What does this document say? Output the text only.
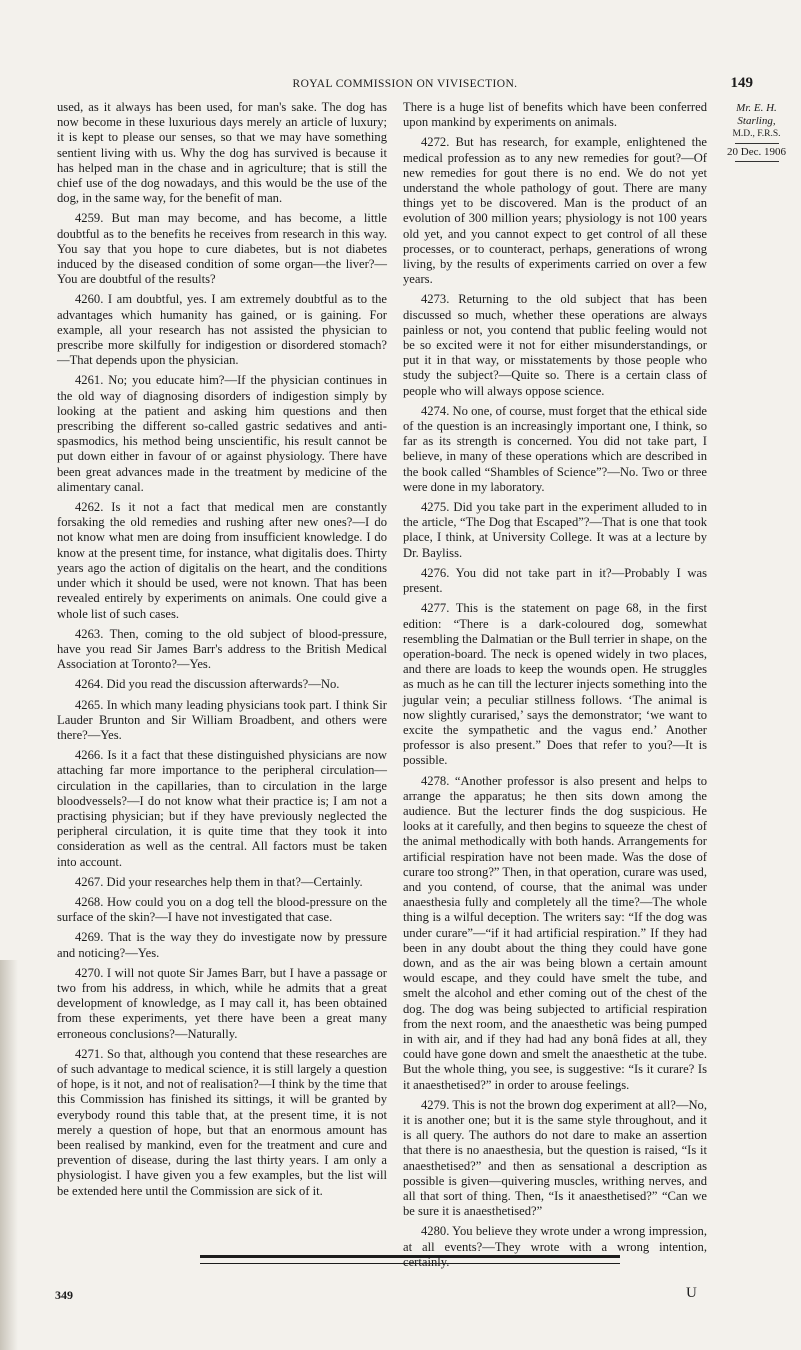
ROYAL COMMISSION ON VIVISECTION.	149
Mr. E. H.
Starling,
M.D., F.R.S.
20 Dec. 1906

used, as it always has been used, for man's sake. The dog has now become in these luxurious days merely an article of luxury; it is kept to please our senses, so that we may have something sentient living with us. Why the dog has survived is because it has helped man in the chase and in agriculture; that is still the chief use of the dog nowadays, and this would be the use of the dog, in the same way, for the benefit of man.

4259. But man may become, and has become, a little doubtful as to the benefits he receives from research in this way. You say that you hope to cure diabetes, but is not diabetes induced by the diseased condition of some organ—the liver?—You are doubtful of the results?

4260. I am doubtful, yes. I am extremely doubtful as to the advantages which humanity has gained, or is gaining. For example, all your research has not assisted the physician to prescribe more skilfully for indigestion or disordered stomach?—That depends upon the physician.

4261. No; you educate him?—If the physician continues in the old way of diagnosing disorders of indigestion simply by looking at the patient and asking him questions and then prescribing the different so-called gastric sedatives and anti-spasmodics, his method being unscientific, his result cannot be put down either in favour of or against physiology. There have been great advances made in the treatment by medicine of the alimentary canal.

4262. Is it not a fact that medical men are constantly forsaking the old remedies and rushing after new ones?—I do not know what men are doing from insufficient knowledge. I do know at the present time, for instance, what digitalis does. Thirty years ago the action of digitalis on the heart, and the conditions under which it should be used, were not known. That has been revealed entirely by experiments on animals. One could give a whole list of such cases.

4263. Then, coming to the old subject of blood-pressure, have you read Sir James Barr's address to the British Medical Association at Toronto?—Yes.

4264. Did you read the discussion afterwards?—No.

4265. In which many leading physicians took part. I think Sir Lauder Brunton and Sir William Broadbent, and others were there?—Yes.

4266. Is it a fact that these distinguished physicians are now attaching far more importance to the peripheral circulation—circulation in the capillaries, than to circulation in the large bloodvessels?—I do not know what their practice is; I am not a practising physician; but if they have previously neglected the peripheral circulation, it is quite time that they took it into consideration as well as the central. All factors must be taken into account.

4267. Did your researches help them in that?—Certainly.

4268. How could you on a dog tell the blood-pressure on the surface of the skin?—I have not investigated that case.

4269. That is the way they do investigate now by pressure and noticing?—Yes.

4270. I will not quote Sir James Barr, but I have a passage or two from his address, in which, while he admits that a great development of knowledge, as I may call it, has been obtained from these experiments, yet there have been a great many erroneous conclusions?—Naturally.

4271. So that, although you contend that these researches are of such advantage to medical science, it is still largely a question of hope, is it not, and not of realisation?—I think by the time that this Commission has finished its sittings, it will be granted by everybody round this table that, at the present time, it is not merely a question of hope, but that an enormous amount has been realised by mankind, even for the treatment and cure and prevention of disease, during the last thirty years. I am only a physiologist. I have given you a few examples, but the list will be extended here until the Commission are sick of it.

There is a huge list of benefits which have been conferred upon mankind by experiments on animals.

4272. But has research, for example, enlightened the medical profession as to any new remedies for gout?—Of new remedies for gout there is no end. We do not yet understand the whole pathology of gout. There are many things yet to be discovered. Man is the product of an evolution of 300 million years; physiology is not 100 years old yet, and you cannot expect to get control of all these processes, or to counteract, perhaps, generations of wrong living, by the results of experiments carried on over a few years.

4273. Returning to the old subject that has been discussed so much, whether these operations are always painless or not, you contend that public feeling would not be so excited were it not for either misunderstandings, or put it in that way, or misstatements by those people who study the subject?—Quite so. There is a certain class of people who will always oppose science.

4274. No one, of course, must forget that the ethical side of the question is an increasingly important one, I think, so far as its strength is concerned. You did not take part, I believe, in many of these operations which are described in the book called “Shambles of Science”?—No. Two or three were done in my laboratory.

4275. Did you take part in the experiment alluded to in the article, “The Dog that Escaped”?—That is one that took place, I think, at University College. It was at a lecture by Dr. Bayliss.

4276. You did not take part in it?—Probably I was present.

4277. This is the statement on page 68, in the first edition: “There is a dark-coloured dog, somewhat resembling the Dalmatian or the Bull terrier in shape, on the operation-board. The neck is opened widely in two places, and there are loads to keep the wounds open. He struggles as much as he can till the lecturer injects something into the jugular vein; a peculiar stillness follows. ‘The animal is now slightly curarised,’ says the demonstrator; ‘we want to excite the sympathetic and the vagus end.’ Another professor is also present.” Does that refer to you?—It is possible.

4278. “Another professor is also present and helps to arrange the apparatus; he then sits down among the audience. But the lecturer finds the dog suspicious. He looks at it carefully, and then begins to squeeze the chest of the animal methodically with both hands. Arrangements for artificial respiration have not been made. Was the dose of curare too strong?” Then, in that operation, curare was used, and you contend, of course, that the animal was under anaesthesia fully and completely all the time?—The whole thing is a wilful deception. The writers say: “If the dog was under curare”—“if it had artificial respiration.” If they had been in any doubt about the thing they could have gone down, and as the air was being blown a certain amount would escape, and they could have smelt the tube, and smelt the alcohol and ether coming out of the chest of the dog. The dog was being subjected to artificial respiration from the next room, and the anaesthetic was being pumped in with air, and if they had had any bonâ fides at all, they could have gone down and smelt the anaesthetic at the tube. But the whole thing, you see, is suggestive: “Is it curare? Is it anaesthetised?” in order to arouse feelings.

4279. This is not the brown dog experiment at all?—No, it is another one; but it is the same style throughout, and it is all query. The authors do not dare to make an assertion that there is no anaesthesia, but the question is raised, “Is it anaesthetised?” and then as sensational a description as possible is given—quivering muscles, writhing nerves, and all that sort of thing. Then, “Is it anaesthetised?” “Can we be sure it is anaesthetised?”

4280. You believe they wrote under a wrong impression, at all events?—They wrote with a wrong intention, certainly.

349	U
